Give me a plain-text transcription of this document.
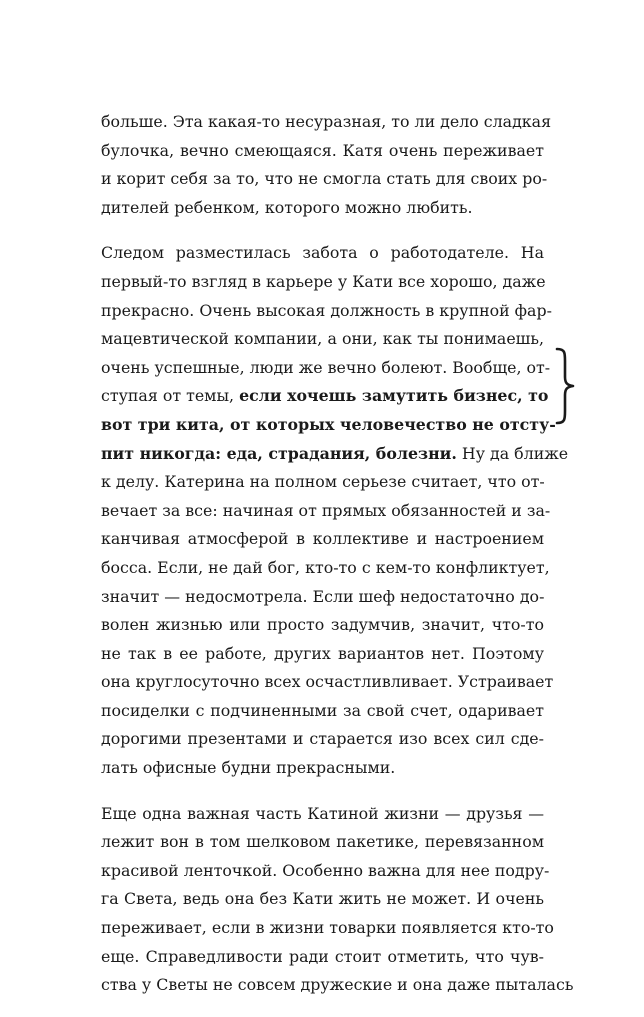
больше. Эта какая-то несуразная, то ли дело сладкая
булочка, вечно смеющаяся. Катя очень переживает
и корит себя за то, что не смогла стать для своих ро-
дителей ребенком, которого можно любить.
Следом разместилась забота о работодателе. На
первый-то взгляд в карьере у Кати все хорошо, даже
прекрасно. Очень высокая должность в крупной фар-
мацевтической компании, а они, как ты понимаешь,
очень успешные, люди же вечно болеют. Вообще, от-
ступая от темы, если хочешь замутить бизнес, то
вот три кита, от которых человечество не отсту-
пит никогда: еда, страдания, болезни. Ну да ближе
к делу. Катерина на полном серьезе считает, что от-
вечает за все: начиная от прямых обязанностей и за-
канчивая атмосферой в коллективе и настроением
босса. Если, не дай бог, кто-то с кем-то конфликтует,
значит — недосмотрела. Если шеф недостаточно до-
волен жизнью или просто задумчив, значит, что-то
не так в ее работе, других вариантов нет. Поэтому
она круглосуточно всех осчастливливает. Устраивает
посиделки с подчиненными за свой счет, одаривает
дорогими презентами и старается изо всех сил сде-
лать офисные будни прекрасными.
Еще одна важная часть Катиной жизни — друзья —
лежит вон в том шелковом пакетике, перевязанном
красивой ленточкой. Особенно важна для нее подру-
га Света, ведь она без Кати жить не может. И очень
переживает, если в жизни товарки появляется кто-то
еще. Справедливости ради стоит отметить, что чув-
ства у Светы не совсем дружеские и она даже пыталась
